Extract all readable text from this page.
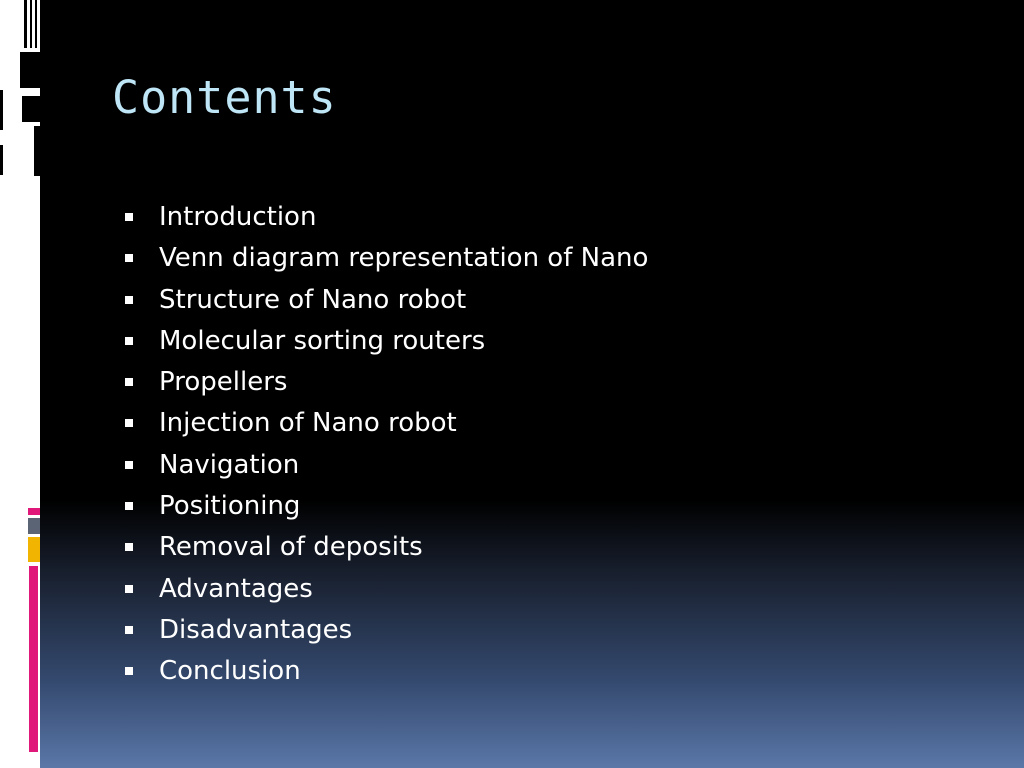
Contents
Introduction
Venn diagram representation of Nano
Structure of Nano robot
Molecular sorting routers
Propellers
Injection of Nano robot
Navigation
Positioning
Removal of deposits
Advantages
Disadvantages
Conclusion
